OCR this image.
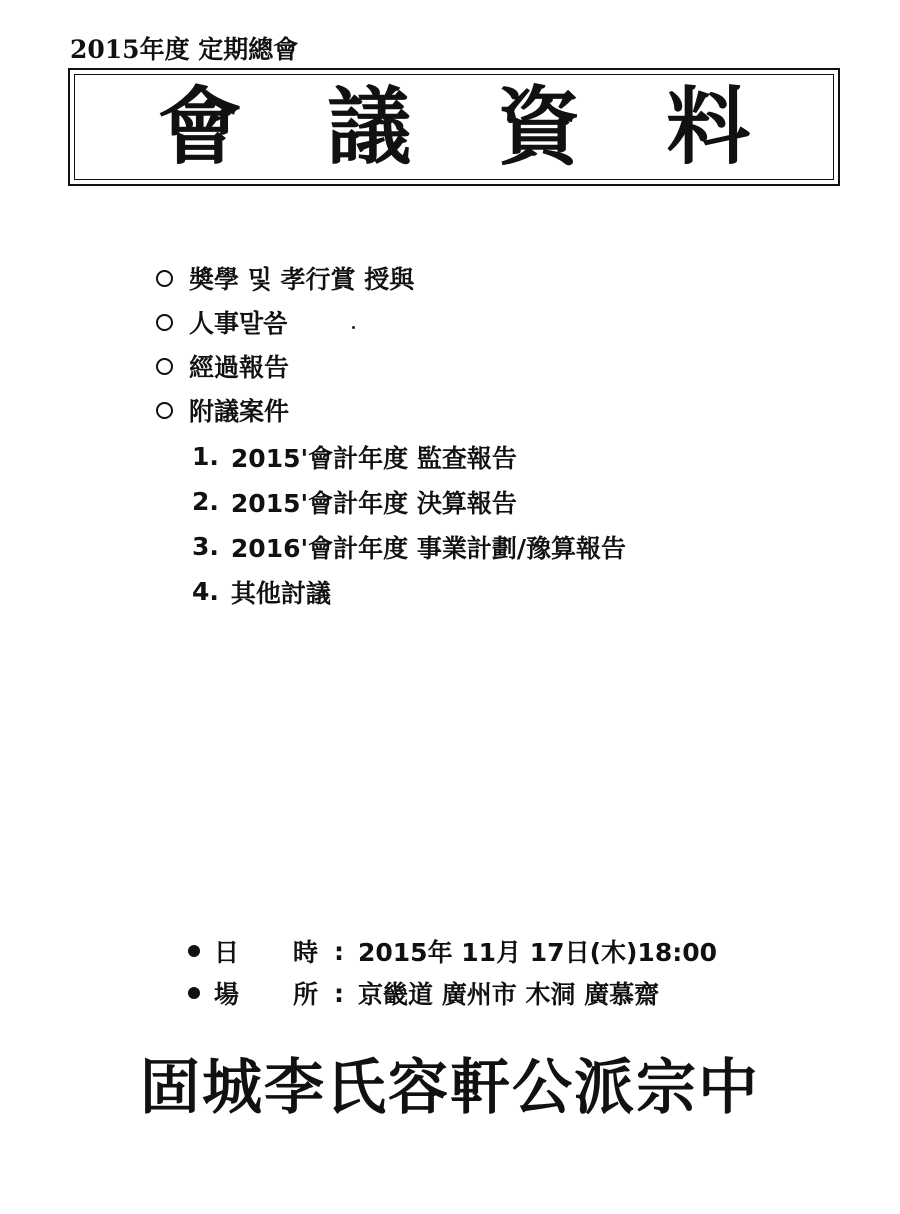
2015年度 定期總會
會 議 資 料
奬學 및 孝行賞 授與
人事말씀
經過報告
附議案件
1. 2015'會計年度 監查報告
2. 2015'會計年度 決算報告
3. 2016'會計年度 事業計劃/豫算報告
4. 其他討議
日 時 : 2015年 11月 17日(木)18:00
場 所 : 京畿道 廣州市 木洞 廣慕齋
固城李氏容軒公派宗中
